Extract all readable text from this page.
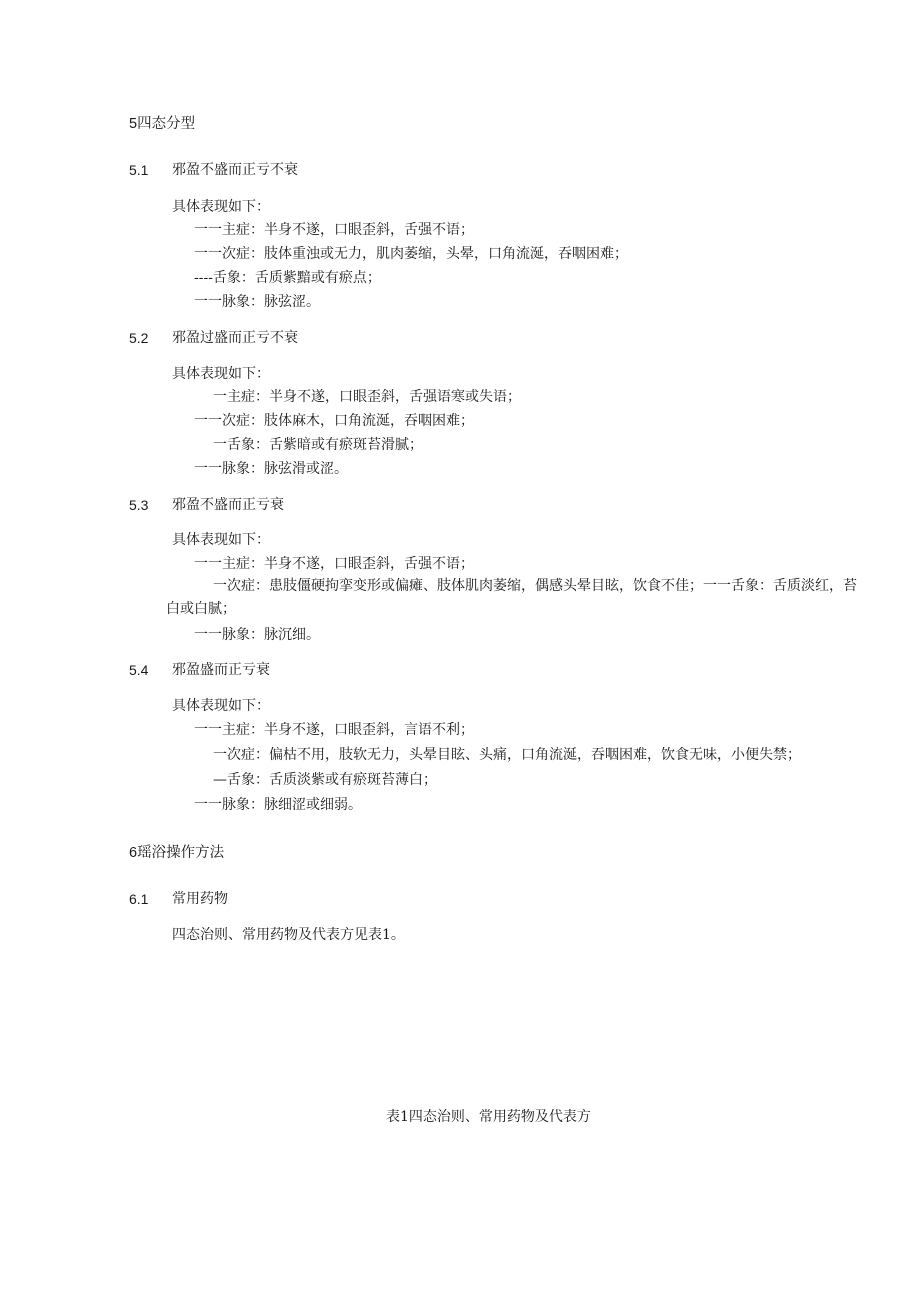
5四态分型
5.1 邪盈不盛而正亏不衰
具体表现如下：
一一主症：半身不遂，口眼歪斜，舌强不语；
一一次症：肢体重浊或无力，肌肉萎缩，头晕，口角流涎，吞咽困难；
----舌象：舌质紫黯或有瘀点；
一一脉象：脉弦涩。
5.2 邪盈过盛而正亏不衰
具体表现如下：
一主症：半身不遂，口眼歪斜，舌强语寒或失语；
一一次症：肢体麻木，口角流涎，吞咽困难；
一舌象：舌紫暗或有瘀斑苔滑腻；
一一脉象：脉弦滑或涩。
5.3 邪盈不盛而正亏衰
具体表现如下：
一一主症：半身不遂，口眼歪斜，舌强不语；
一次症：患肢僵硬拘挛变形或偏瘫、肢体肌肉萎缩，偶感头晕目眩，饮食不佳；一一舌象：舌质淡红，苔白或白腻；
一一脉象：脉沉细。
5.4 邪盈盛而正亏衰
具体表现如下：
一一主症：半身不遂，口眼歪斜，言语不利；
一次症：偏枯不用，肢软无力，头晕目眩、头痛，口角流涎，吞咽困难，饮食无味，小便失禁；
—舌象：舌质淡紫或有瘀斑苔薄白；
一一脉象：脉细涩或细弱。
6瑶浴操作方法
6.1 常用药物
四态治则、常用药物及代表方见表1。
表1四态治则、常用药物及代表方
